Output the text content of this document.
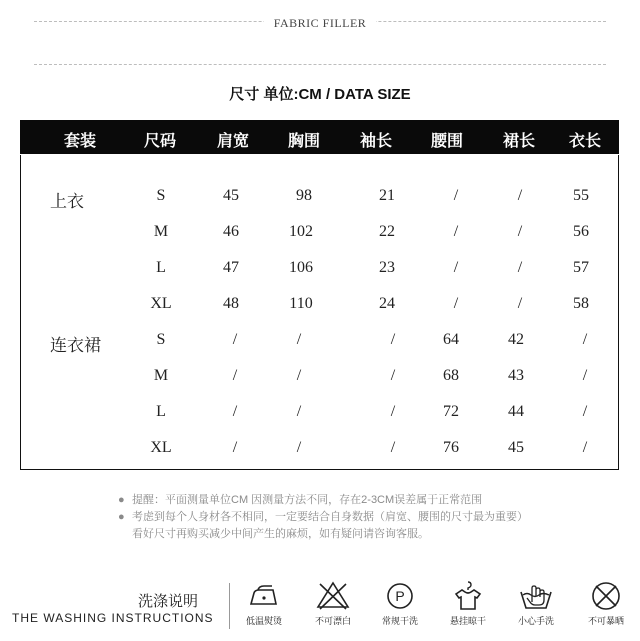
FABRIC FILLER
尺寸 单位:CM / DATA SIZE
套装	尺码	肩宽	胸围	袖长	腰围	裙长	衣长
上衣	S	45	98	21	/	/	55
M	46	102	22	/	/	56
L	47	106	23	/	/	57
XL	48	110	24	/	/	58
连衣裙	S	/	/	/	64	42	/
M	/	/	/	68	43	/
L	/	/	/	72	44	/
XL	/	/	/	76	45	/
● 提醒：平面测量单位CM 因测量方法不同，存在2-3CM误差属于正常范围
● 考虑到每个人身材各不相同，一定要结合自身数据（肩宽、腰围的尺寸最为重要）看好尺寸再购买减少中间产生的麻烦，如有疑问请咨询客服。
洗涤说明
THE WASHING INSTRUCTIONS	低温熨烫	不可漂白
P
常规干洗	悬挂晾干	小心手洗	不可暴晒
